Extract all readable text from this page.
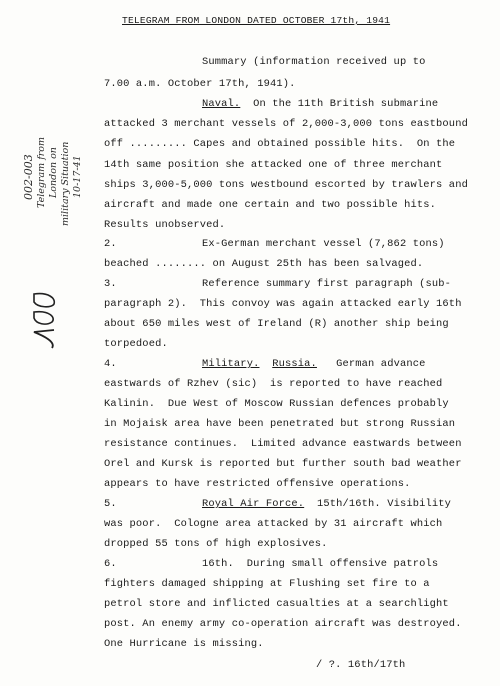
TELEGRAM FROM LONDON DATED OCTOBER 17th, 1941
Summary (information received up to
7.00 a.m. October 17th, 1941).
Naval. On the 11th British submarine
attacked 3 merchant vessels of 2,000-3,000 tons eastbound
off ......... Capes and obtained possible hits.  On the
14th same position she attacked one of three merchant
ships 3,000-5,000 tons westbound escorted by trawlers and
aircraft and made one certain and two possible hits.
Results unobserved.
2.	Ex-German merchant vessel (7,862 tons)
beached ........ on August 25th has been salvaged.
3.	Reference summary first paragraph (sub-
paragraph 2).  This convoy was again attacked early 16th
about 650 miles west of Ireland (R) another ship being
torpedoed.
4.	Military. Russia. German advance
eastwards of Rzhev (sic)  is reported to have reached
Kalinin.  Due West of Moscow Russian defences probably
in Mojaisk area have been penetrated but strong Russian
resistance continues.  Limited advance eastwards between
Orel and Kursk is reported but further south bad weather
appears to have restricted offensive operations.
5.	Royal Air Force. 15th/16th. Visibility
was poor.  Cologne area attacked by 31 aircraft which
dropped 55 tons of high explosives.
6.	16th.  During small offensive patrols
fighters damaged shipping at Flushing set fire to a
petrol store and inflicted casualties at a searchlight
post. An enemy army co-operation aircraft was destroyed.
One Hurricane is missing.
/ ?. 16th/17th
002-003 Telegram from London on military Situation 10-17-41
